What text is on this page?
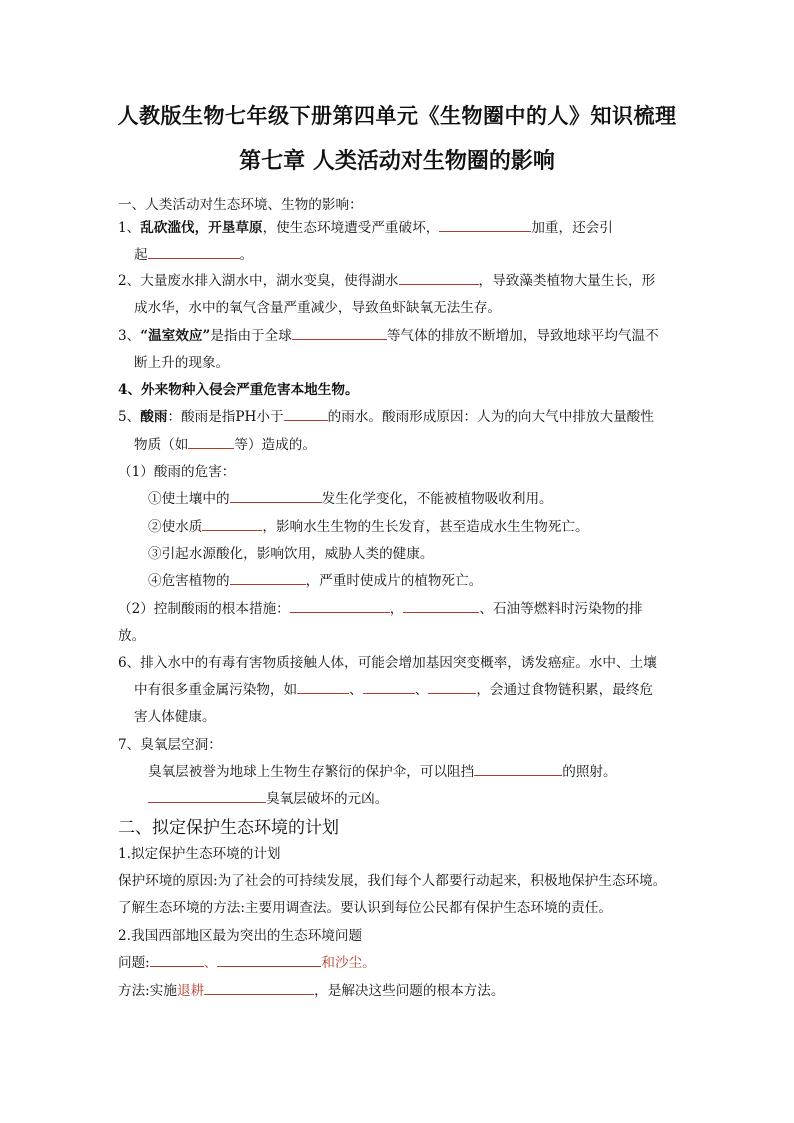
人教版生物七年级下册第四单元《生物圈中的人》知识梳理
第七章 人类活动对生物圈的影响
一、人类活动对生态环境、生物的影响：
1、乱砍滥伐，开垦草原，使生态环境遭受严重破坏，	加重，还会引
起	。
2、大量废水排入湖水中，湖水变臭，使得湖水	，导致藻类植物大量生长，形
成水华，水中的氧气含量严重减少，导致鱼虾缺氧无法生存。
3、“温室效应”是指由于全球	等气体的排放不断增加，导致地球平均气温不
断上升的现象。
4、外来物种入侵会严重危害本地生物。
5、酸雨：酸雨是指PH小于	的雨水。酸雨形成原因：人为的向大气中排放大量酸性
物质（如	等）造成的。
（1）酸雨的危害：
①使土壤中的	发生化学变化，不能被植物吸收利用。
②使水质	，影响水生生物的生长发育，甚至造成水生生物死亡。
③引起水源酸化，影响饮用，威胁人类的健康。
④危害植物的	，严重时使成片的植物死亡。
（2）控制酸雨的根本措施：	，	、石油等燃料时污染物的排
放。
6、排入水中的有毒有害物质接触人体，可能会增加基因突变概率，诱发癌症。水中、土壤
中有很多重金属污染物，如	、	、	，会通过食物链积累，最终危
害人体健康。
7、臭氧层空洞：
臭氧层被誉为地球上生物生存繁衍的保护伞，可以阻挡	的照射。
臭氧层破坏的元凶。
二、拟定保护生态环境的计划
1.拟定保护生态环境的计划
保护环境的原因:为了社会的可持续发展，我们每个人都要行动起来，积极地保护生态环境。
了解生态环境的方法:主要用调查法。要认识到每位公民都有保护生态环境的责任。
2.我国西部地区最为突出的生态环境问题
问题:	、	和沙尘。
方法:实施退耕	，是解决这些问题的根本方法。
